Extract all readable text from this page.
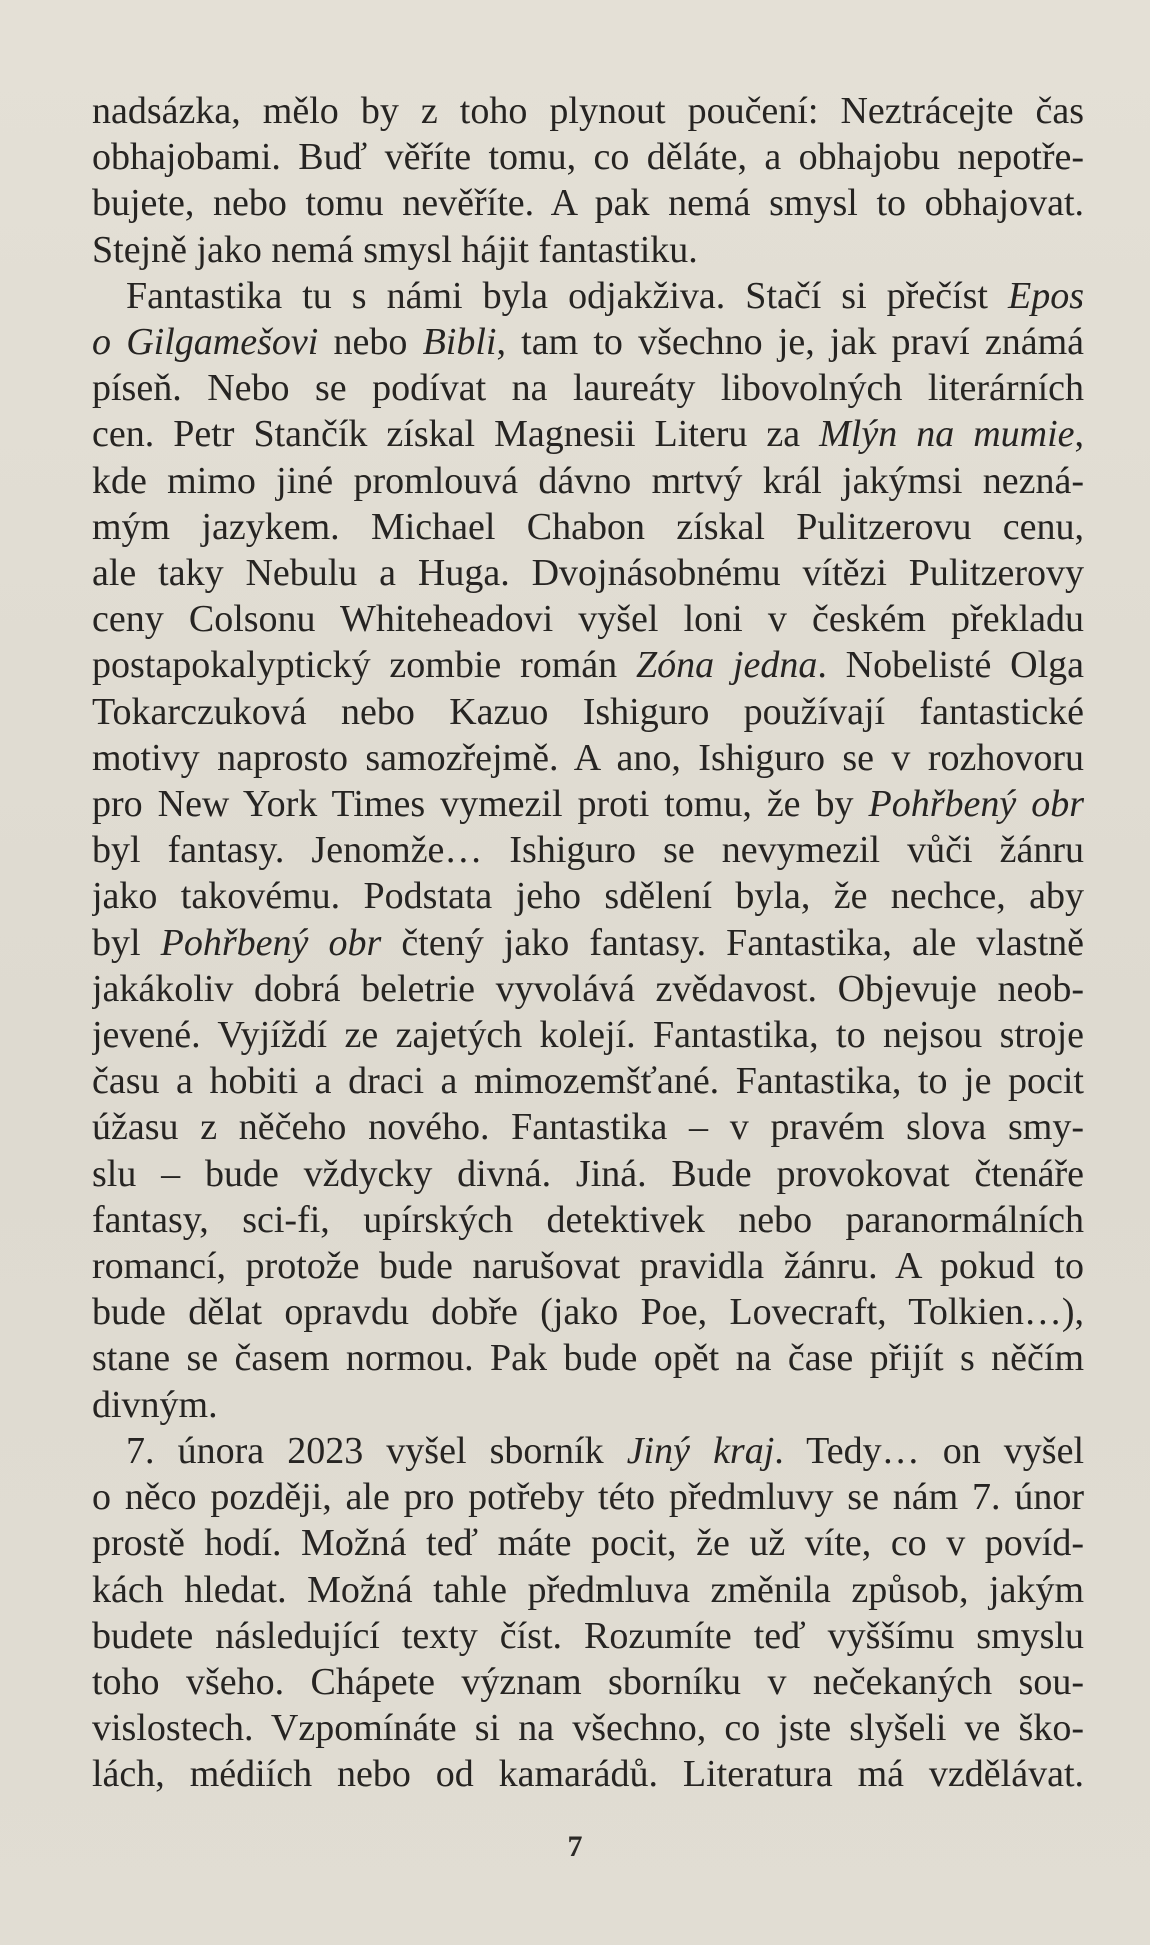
nadsázka, mělo by z toho plynout poučení: Neztrácejte čas

obhajobami. Buď věříte tomu, co děláte, a obhajobu nepotře-

bujete, nebo tomu nevěříte. A pak nemá smysl to obhajovat.

Stejně jako nemá smysl hájit fantastiku.

Fantastika tu s námi byla odjakživa. Stačí si přečíst Epos

o Gilgamešovi nebo Bibli, tam to všechno je, jak praví známá

píseň. Nebo se podívat na laureáty libovolných literárních

cen. Petr Stančík získal Magnesii Literu za Mlýn na mumie,

kde mimo jiné promlouvá dávno mrtvý král jakýmsi nezná-

mým jazykem. Michael Chabon získal Pulitzerovu cenu,

ale taky Nebulu a Huga. Dvojnásobnému vítězi Pulitzerovy

ceny Colsonu Whiteheadovi vyšel loni v českém překladu

postapokalyptický zombie román Zóna jedna. Nobelisté Olga

Tokarczuková nebo Kazuo Ishiguro používají fantastické

motivy naprosto samozřejmě. A ano, Ishiguro se v rozhovoru

pro New York Times vymezil proti tomu, že by Pohřbený obr

byl fantasy. Jenomže… Ishiguro se nevymezil vůči žánru

jako takovému. Podstata jeho sdělení byla, že nechce, aby

byl Pohřbený obr čtený jako fantasy. Fantastika, ale vlastně

jakákoliv dobrá beletrie vyvolává zvědavost. Objevuje neob-

jevené. Vyjíždí ze zajetých kolejí. Fantastika, to nejsou stroje

času a hobiti a draci a mimozemšťané. Fantastika, to je pocit

úžasu z něčeho nového. Fantastika – v pravém slova smy-

slu – bude vždycky divná. Jiná. Bude provokovat čtenáře

fantasy, sci-fi, upírských detektivek nebo paranormálních

romancí, protože bude narušovat pravidla žánru. A pokud to

bude dělat opravdu dobře (jako Poe, Lovecraft, Tolkien…),

stane se časem normou. Pak bude opět na čase přijít s něčím

divným.

7. února 2023 vyšel sborník Jiný kraj. Tedy… on vyšel

o něco později, ale pro potřeby této předmluvy se nám 7. únor

prostě hodí. Možná teď máte pocit, že už víte, co v povíd-

kách hledat. Možná tahle předmluva změnila způsob, jakým

budete následující texty číst. Rozumíte teď vyššímu smyslu

toho všeho. Chápete význam sborníku v nečekaných sou-

vislostech. Vzpomínáte si na všechno, co jste slyšeli ve ško-

lách, médiích nebo od kamarádů. Literatura má vzdělávat.

7
